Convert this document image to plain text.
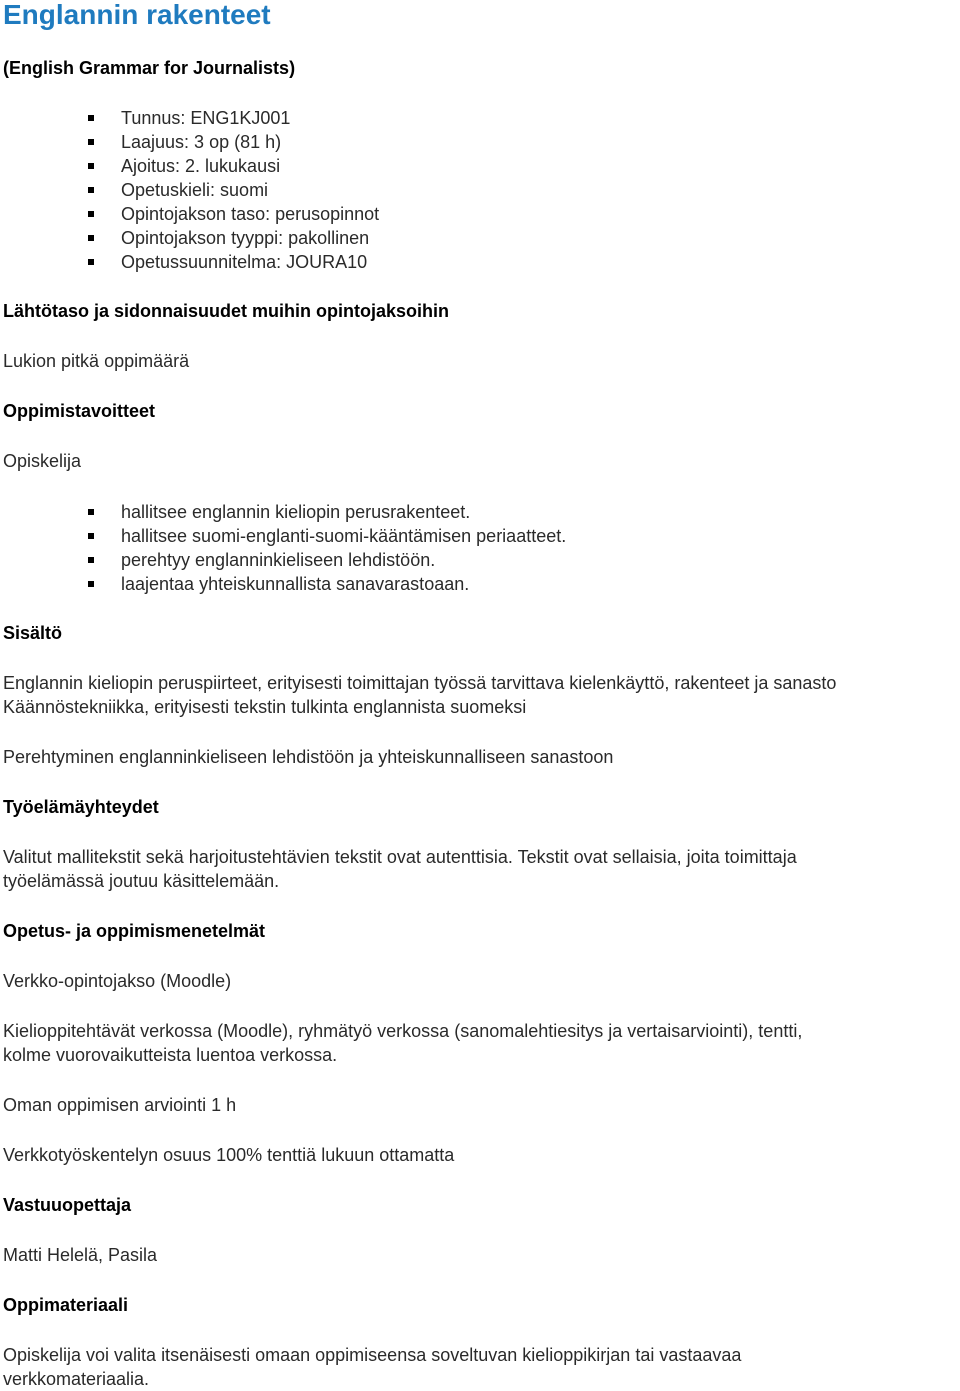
Englannin rakenteet
(English Grammar for Journalists)
Tunnus: ENG1KJ001
Laajuus: 3 op (81 h)
Ajoitus: 2. lukukausi
Opetuskieli: suomi
Opintojakson taso: perusopinnot
Opintojakson tyyppi: pakollinen
Opetussuunnitelma: JOURA10
Lähtötaso ja sidonnaisuudet muihin opintojaksoihin
Lukion pitkä oppimäärä
Oppimistavoitteet
Opiskelija
hallitsee englannin kieliopin perusrakenteet.
hallitsee suomi-englanti-suomi-kääntämisen periaatteet.
perehtyy englanninkieliseen lehdistöön.
laajentaa yhteiskunnallista sanavarastoaan.
Sisältö
Englannin kieliopin peruspiirteet, erityisesti toimittajan työssä tarvittava kielenkäyttö, rakenteet ja sanasto
Käännöstekniikka, erityisesti tekstin tulkinta englannista suomeksi
Perehtyminen englanninkieliseen lehdistöön ja yhteiskunnalliseen sanastoon
Työelämäyhteydet
Valitut mallitekstit sekä harjoitustehtävien tekstit ovat autenttisia. Tekstit ovat sellaisia, joita toimittaja
työelämässä joutuu käsittelemään.
Opetus- ja oppimismenetelmät
Verkko-opintojakso (Moodle)
Kielioppitehtävät verkossa (Moodle), ryhmätyö verkossa (sanomalehtiesitys ja vertaisarviointi), tentti,
kolme vuorovaikutteista luentoa verkossa.
Oman oppimisen arviointi 1 h
Verkkotyöskentelyn osuus 100% tenttiä lukuun ottamatta
Vastuuopettaja
Matti Helelä, Pasila
Oppimateriaali
Opiskelija voi valita itsenäisesti omaan oppimiseensa soveltuvan kielioppikirjan tai vastaavaa
verkkomateriaalia.
